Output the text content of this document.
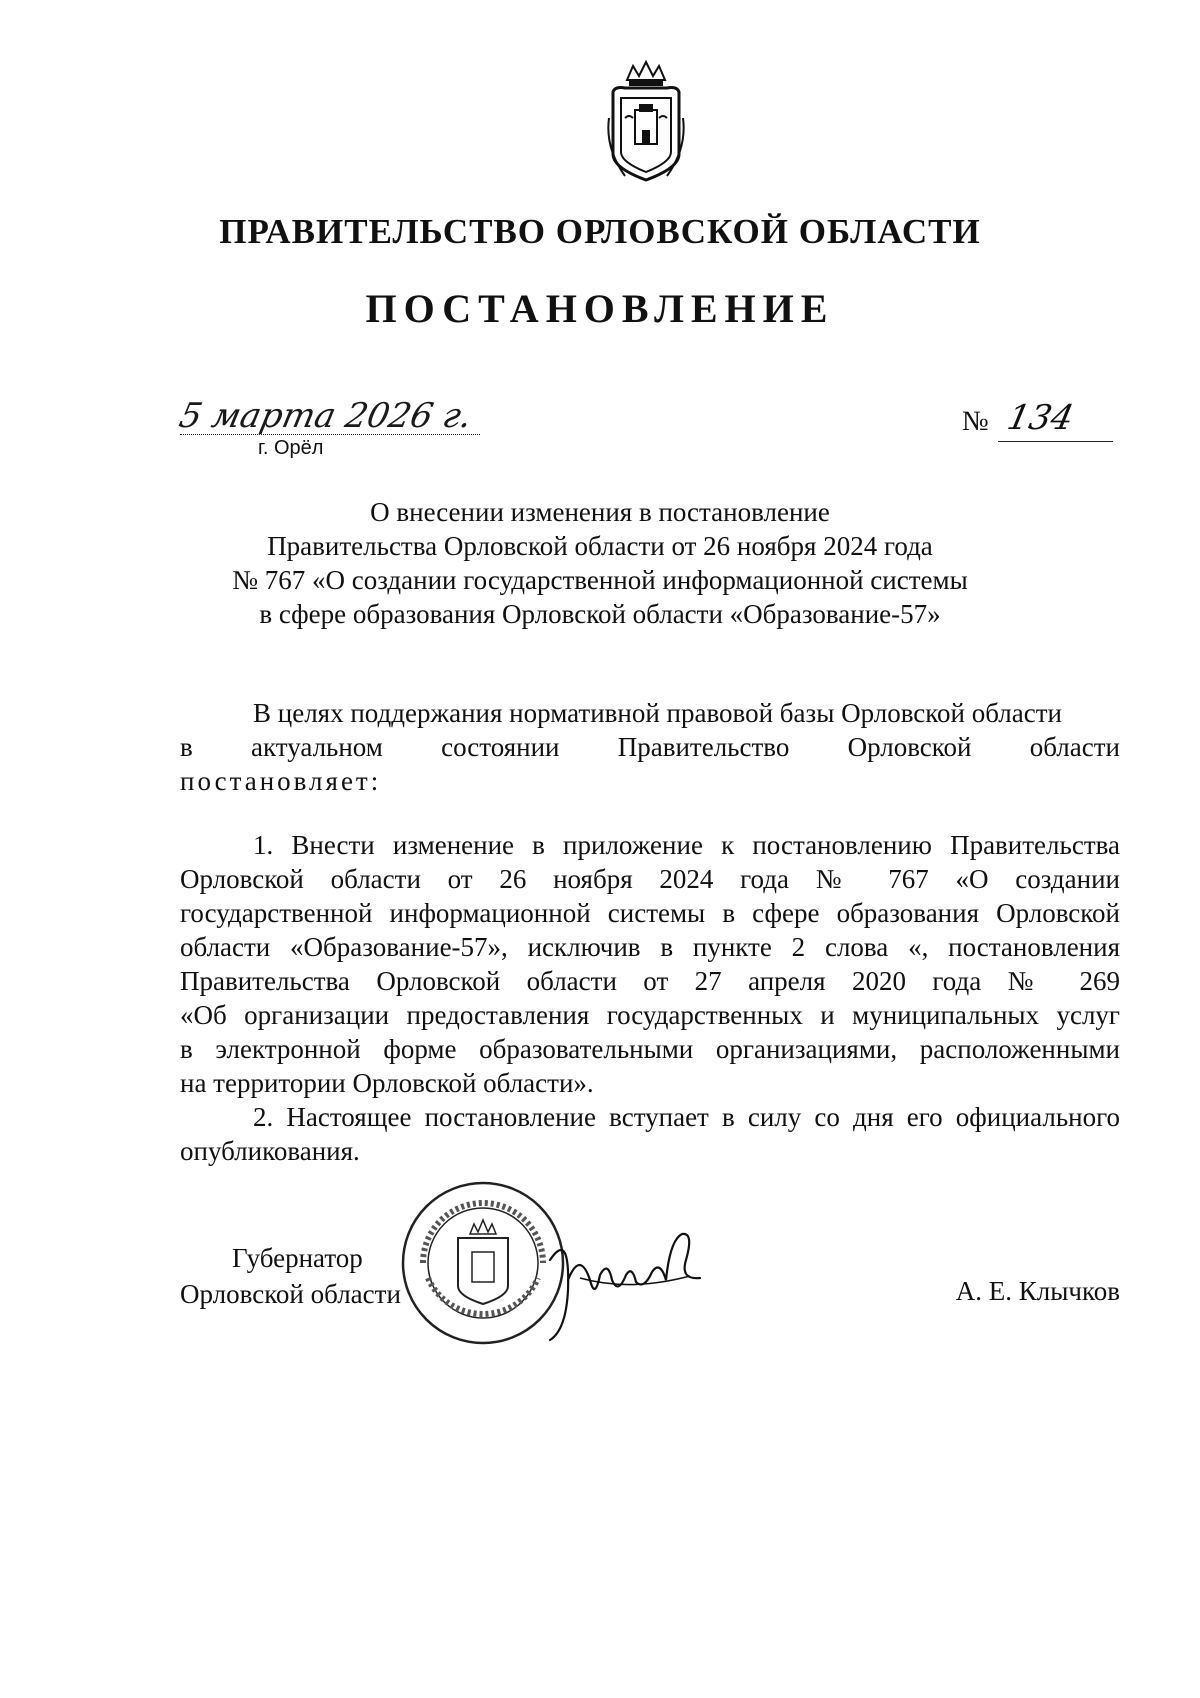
ПРАВИТЕЛЬСТВО ОРЛОВСКОЙ ОБЛАСТИ
ПОСТАНОВЛЕНИЕ
5 марта 2026 г.
г. Орёл
№ 134
О внесении изменения в постановление
Правительства Орловской области от 26 ноября 2024 года
№ 767 «О создании государственной информационной системы
в сфере образования Орловской области «Образование-57»
В целях поддержания нормативной правовой базы Орловской области
в актуальном состоянии Правительство Орловской области
постановляет:
1. Внести изменение в приложение к постановлению Правительства
Орловской области от 26 ноября 2024 года № 767 «О создании
государственной информационной системы в сфере образования Орловской
области «Образование-57», исключив в пункте 2 слова «, постановления
Правительства Орловской области от 27 апреля 2020 года № 269
«Об организации предоставления государственных и муниципальных услуг
в электронной форме образовательными организациями, расположенными
на территории Орловской области».
2. Настоящее постановление вступает в силу со дня его официального
опубликования.
Губернатор
Орловской области	А. Е. Клычков
